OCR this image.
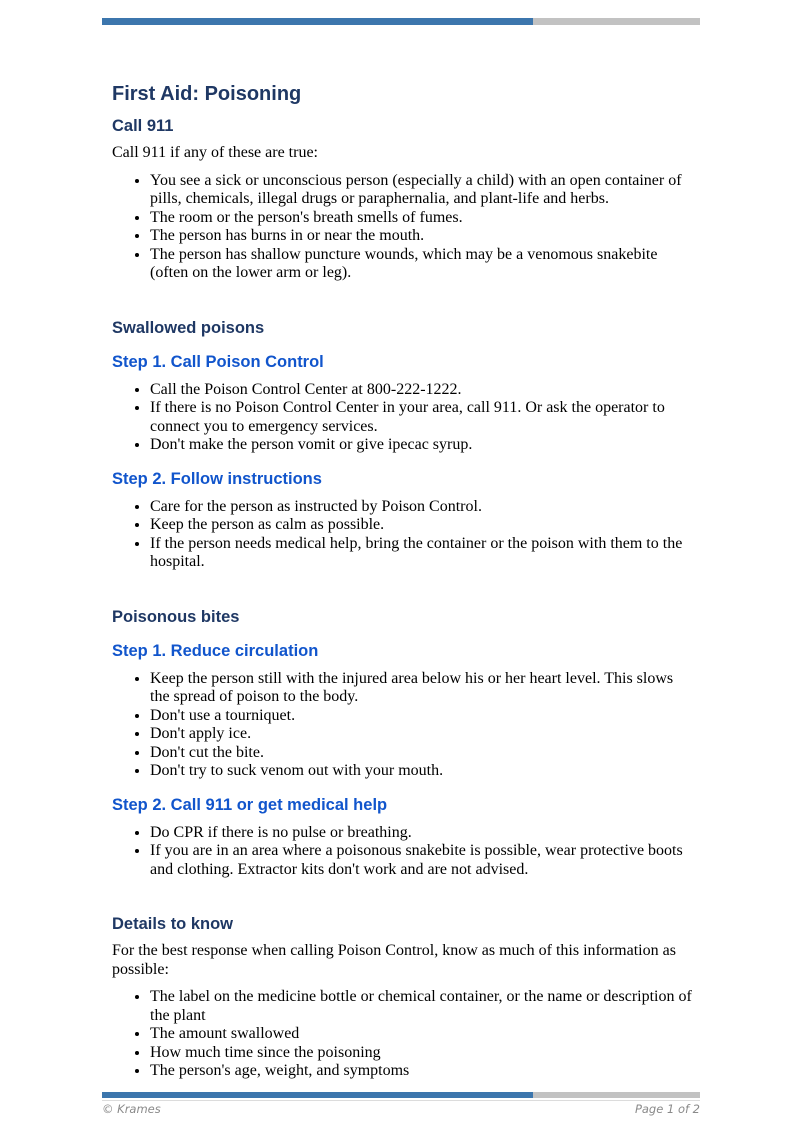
First Aid: Poisoning
Call 911

Call 911 if any of these are true:

• You see a sick or unconscious person (especially a child) with an open container of pills, chemicals, illegal drugs or paraphernalia, and plant-life and herbs.
• The room or the person's breath smells of fumes.
• The person has burns in or near the mouth.
• The person has shallow puncture wounds, which may be a venomous snakebite (often on the lower arm or leg).
Swallowed poisons
Step 1. Call Poison Control
• Call the Poison Control Center at 800-222-1222.
• If there is no Poison Control Center in your area, call 911. Or ask the operator to connect you to emergency services.
• Don't make the person vomit or give ipecac syrup.
Step 2. Follow instructions
• Care for the person as instructed by Poison Control.
• Keep the person as calm as possible.
• If the person needs medical help, bring the container or the poison with them to the hospital.
Poisonous bites
Step 1. Reduce circulation
• Keep the person still with the injured area below his or her heart level. This slows the spread of poison to the body.
• Don't use a tourniquet.
• Don't apply ice.
• Don't cut the bite.
• Don't try to suck venom out with your mouth.
Step 2. Call 911 or get medical help
• Do CPR if there is no pulse or breathing.
• If you are in an area where a poisonous snakebite is possible, wear protective boots and clothing. Extractor kits don't work and are not advised.
Details to know

For the best response when calling Poison Control, know as much of this information as possible:

• The label on the medicine bottle or chemical container, or the name or description of the plant
• The amount swallowed
• How much time since the poisoning
• The person's age, weight, and symptoms
© Krames	Page 1 of 2
